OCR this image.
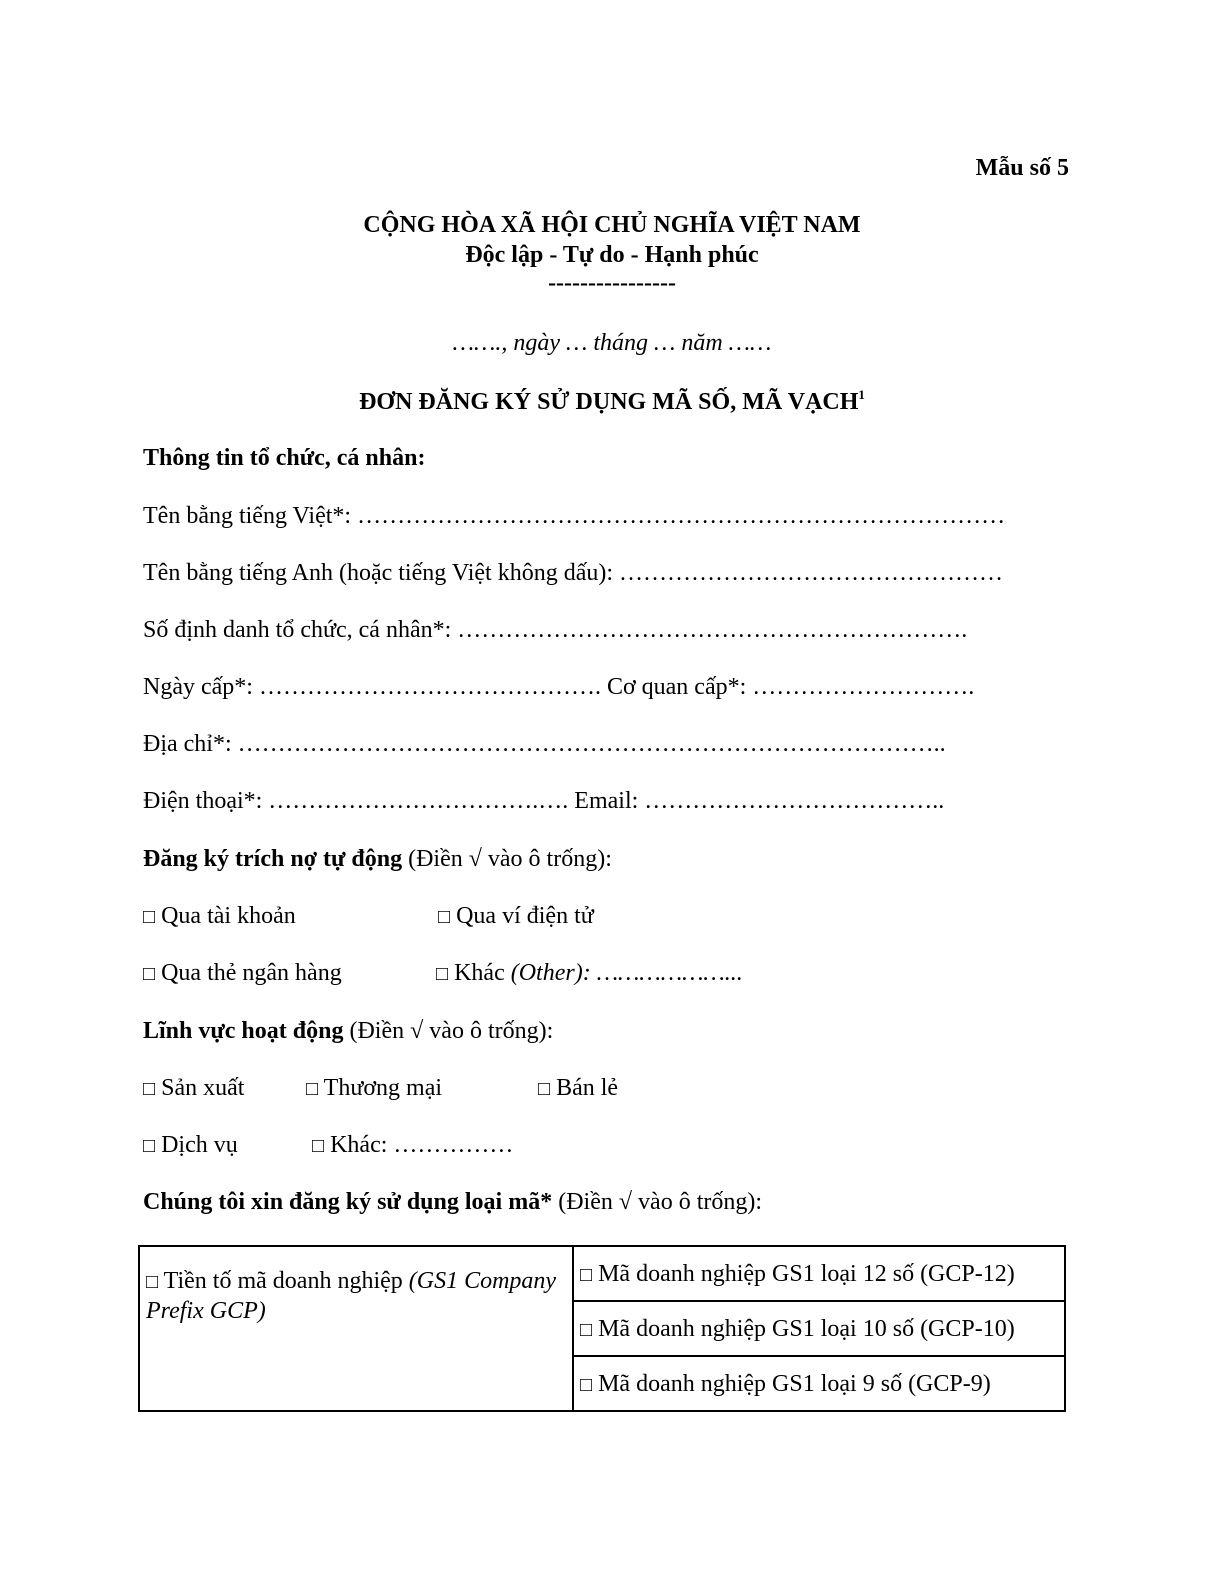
Mẫu số 5
CỘNG HÒA XÃ HỘI CHỦ NGHĨA VIỆT NAM
Độc lập - Tự do - Hạnh phúc
----------------
……., ngày … tháng … năm ……
ĐƠN ĐĂNG KÝ SỬ DỤNG MÃ SỐ, MÃ VẠCH$^1$
Thông tin tổ chức, cá nhân:
Tên bằng tiếng Việt*: ………………………………………………………………………
Tên bằng tiếng Anh (hoặc tiếng Việt không dấu): …………………………………………
Số định danh tổ chức, cá nhân*: ……………………………………………………….
Ngày cấp*: ……………………………………. Cơ quan cấp*: ……………………….
Địa chỉ*: ……………………………………………………………………………..
Điện thoại*: …………………………….…. Email: ………………………………..
Đăng ký trích nợ tự động (Điền √ vào ô trống):
□ Qua tài khoản	□ Qua ví điện tử
□ Qua thẻ ngân hàng	□ Khác (Other): ………………...
Lĩnh vực hoạt động (Điền √ vào ô trống):
□ Sản xuất	□ Thương mại	□ Bán lẻ
□ Dịch vụ	□ Khác: ……………
Chúng tôi xin đăng ký sử dụng loại mã* (Điền √ vào ô trống):
□ Tiền tố mã doanh nghiệp (GS1 Company Prefix GCP)	□ Mã doanh nghiệp GS1 loại 12 số (GCP-12)
□ Mã doanh nghiệp GS1 loại 10 số (GCP-10)
□ Mã doanh nghiệp GS1 loại 9 số (GCP-9)
